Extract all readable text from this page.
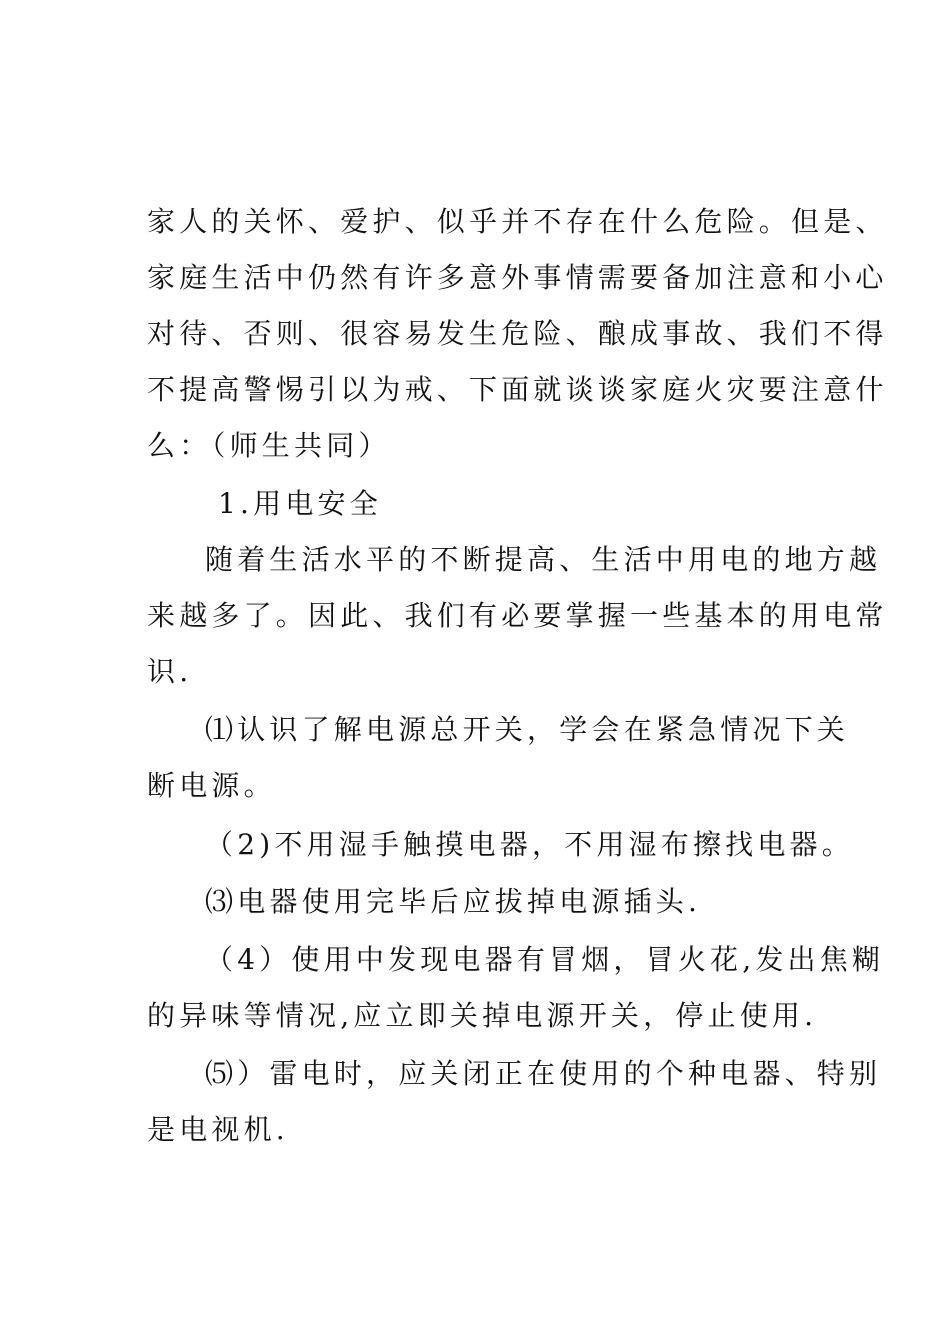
家人的关怀、爱护、似乎并不存在什么危险。但是、
家庭生活中仍然有许多意外事情需要备加注意和小心
对待、否则、很容易发生危险、酿成事故、我们不得
不提高警惕引以为戒、下面就谈谈家庭火灾要注意什
么：（师生共同）
1.用电安全
随着生活水平的不断提高、生活中用电的地方越
来越多了。因此、我们有必要掌握一些基本的用电常
识.
⑴认识了解电源总开关，学会在紧急情况下关
断电源。
（2)不用湿手触摸电器，不用湿布擦找电器。
⑶电器使用完毕后应拔掉电源插头.
（4）使用中发现电器有冒烟，冒火花,发出焦糊
的异味等情况,应立即关掉电源开关，停止使用.
⑸）雷电时，应关闭正在使用的个种电器、特别
是电视机.
